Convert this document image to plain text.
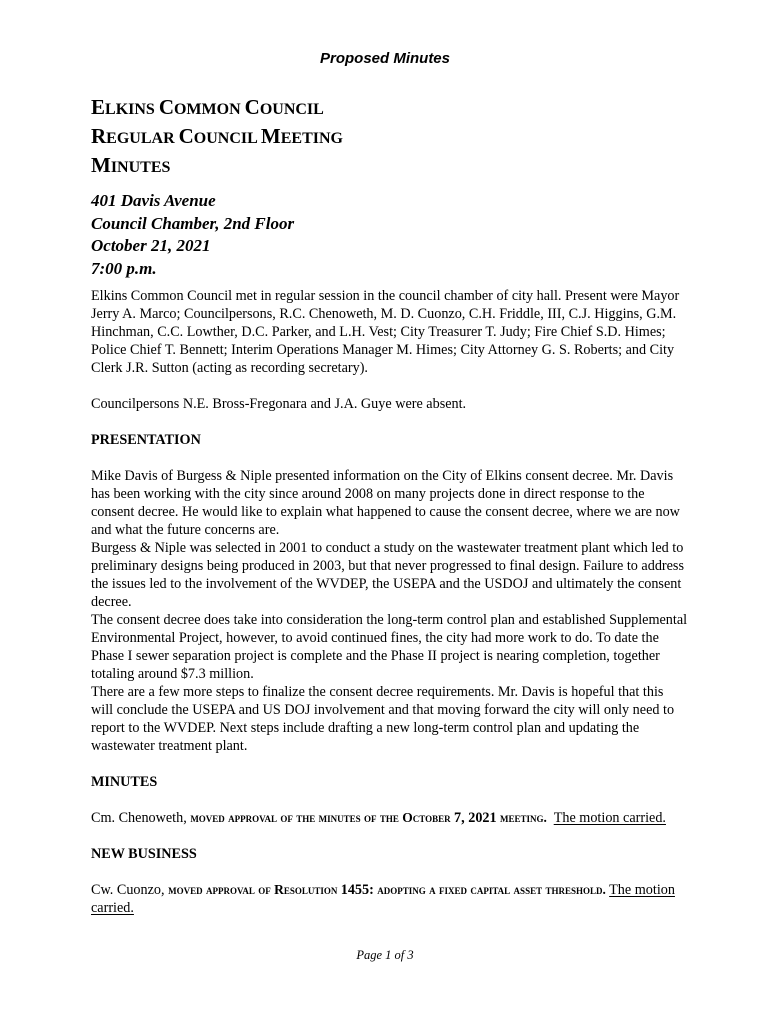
Proposed Minutes
ELKINS COMMON COUNCIL
REGULAR COUNCIL MEETING
MINUTES
401 Davis Avenue
Council Chamber, 2nd Floor
October 21, 2021
7:00 p.m.

Elkins Common Council met in regular session in the council chamber of city hall. Present were Mayor Jerry A. Marco; Councilpersons, R.C. Chenoweth, M. D. Cuonzo, C.H. Friddle, III, C.J. Higgins, G.M. Hinchman, C.C. Lowther, D.C. Parker, and L.H. Vest; City Treasurer T. Judy; Fire Chief S.D. Himes; Police Chief T. Bennett; Interim Operations Manager M. Himes; City Attorney G. S. Roberts; and City Clerk J.R. Sutton (acting as recording secretary).

Councilpersons N.E. Bross-Fregonara and J.A. Guye were absent.

PRESENTATION

Mike Davis of Burgess & Niple presented information on the City of Elkins consent decree. Mr. Davis has been working with the city since around 2008 on many projects done in direct response to the consent decree. He would like to explain what happened to cause the consent decree, where we are now and what the future concerns are.

Burgess & Niple was selected in 2001 to conduct a study on the wastewater treatment plant which led to preliminary designs being produced in 2003, but that never progressed to final design. Failure to address the issues led to the involvement of the WVDEP, the USEPA and the USDOJ and ultimately the consent decree.

The consent decree does take into consideration the long-term control plan and established Supplemental Environmental Project, however, to avoid continued fines, the city had more work to do. To date the Phase I sewer separation project is complete and the Phase II project is nearing completion, together totaling around $7.3 million.

There are a few more steps to finalize the consent decree requirements. Mr. Davis is hopeful that this will conclude the USEPA and US DOJ involvement and that moving forward the city will only need to report to the WVDEP. Next steps include drafting a new long-term control plan and updating the wastewater treatment plant.

MINUTES

Cm. Chenoweth, moved approval of the minutes of the October 7, 2021 meeting. The motion carried.

NEW BUSINESS

Cw. Cuonzo, moved approval of Resolution 1455: adopting a fixed capital asset threshold. The motion carried.

Page 1 of 3
